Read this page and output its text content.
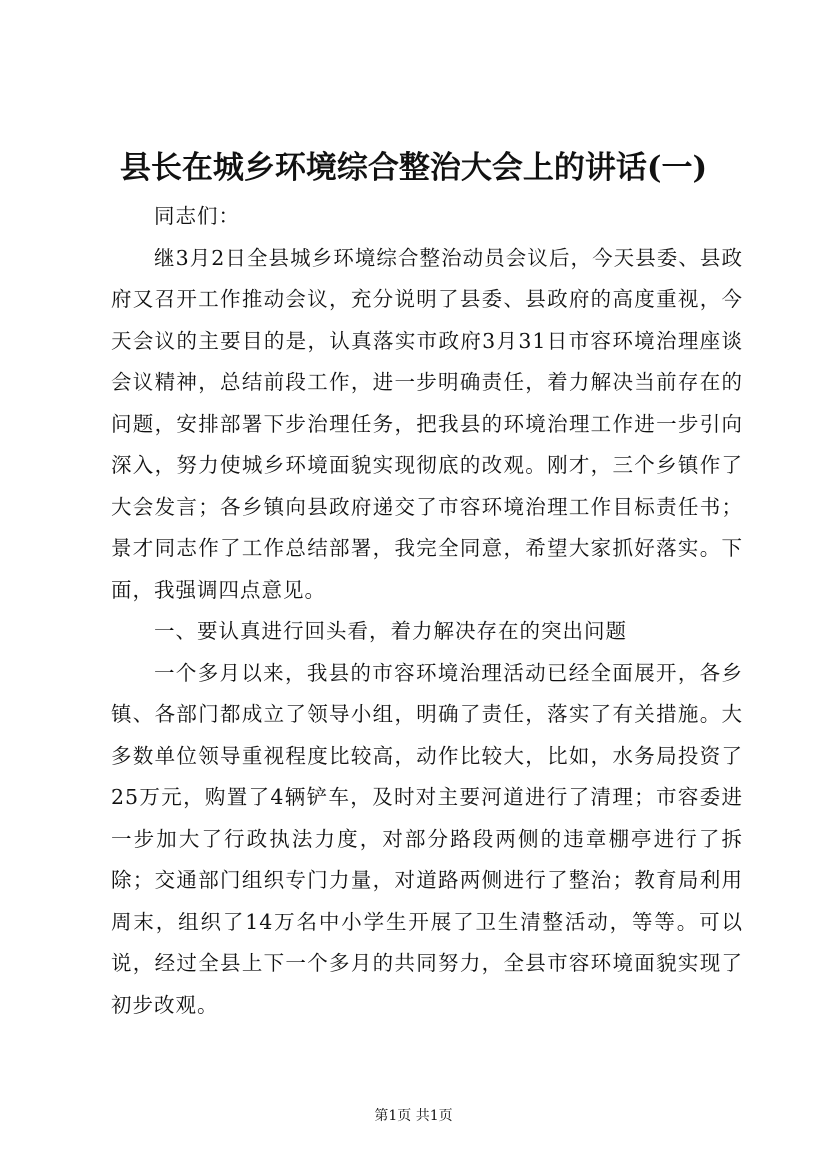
县长在城乡环境综合整治大会上的讲话(一)

同志们：

继3月2日全县城乡环境综合整治动员会议后，今天县委、县政府又召开工作推动会议，充分说明了县委、县政府的高度重视，今天会议的主要目的是，认真落实市政府3月31日市容环境治理座谈会议精神，总结前段工作，进一步明确责任，着力解决当前存在的问题，安排部署下步治理任务，把我县的环境治理工作进一步引向深入，努力使城乡环境面貌实现彻底的改观。刚才，三个乡镇作了大会发言；各乡镇向县政府递交了市容环境治理工作目标责任书；景才同志作了工作总结部署，我完全同意，希望大家抓好落实。下面，我强调四点意见。

一、要认真进行回头看，着力解决存在的突出问题

一个多月以来，我县的市容环境治理活动已经全面展开，各乡镇、各部门都成立了领导小组，明确了责任，落实了有关措施。大多数单位领导重视程度比较高，动作比较大，比如，水务局投资了25万元，购置了4辆铲车，及时对主要河道进行了清理；市容委进一步加大了行政执法力度，对部分路段两侧的违章棚亭进行了拆除；交通部门组织专门力量，对道路两侧进行了整治；教育局利用周末，组织了14万名中小学生开展了卫生清整活动，等等。可以说，经过全县上下一个多月的共同努力，全县市容环境面貌实现了初步改观。

第1页 共1页
